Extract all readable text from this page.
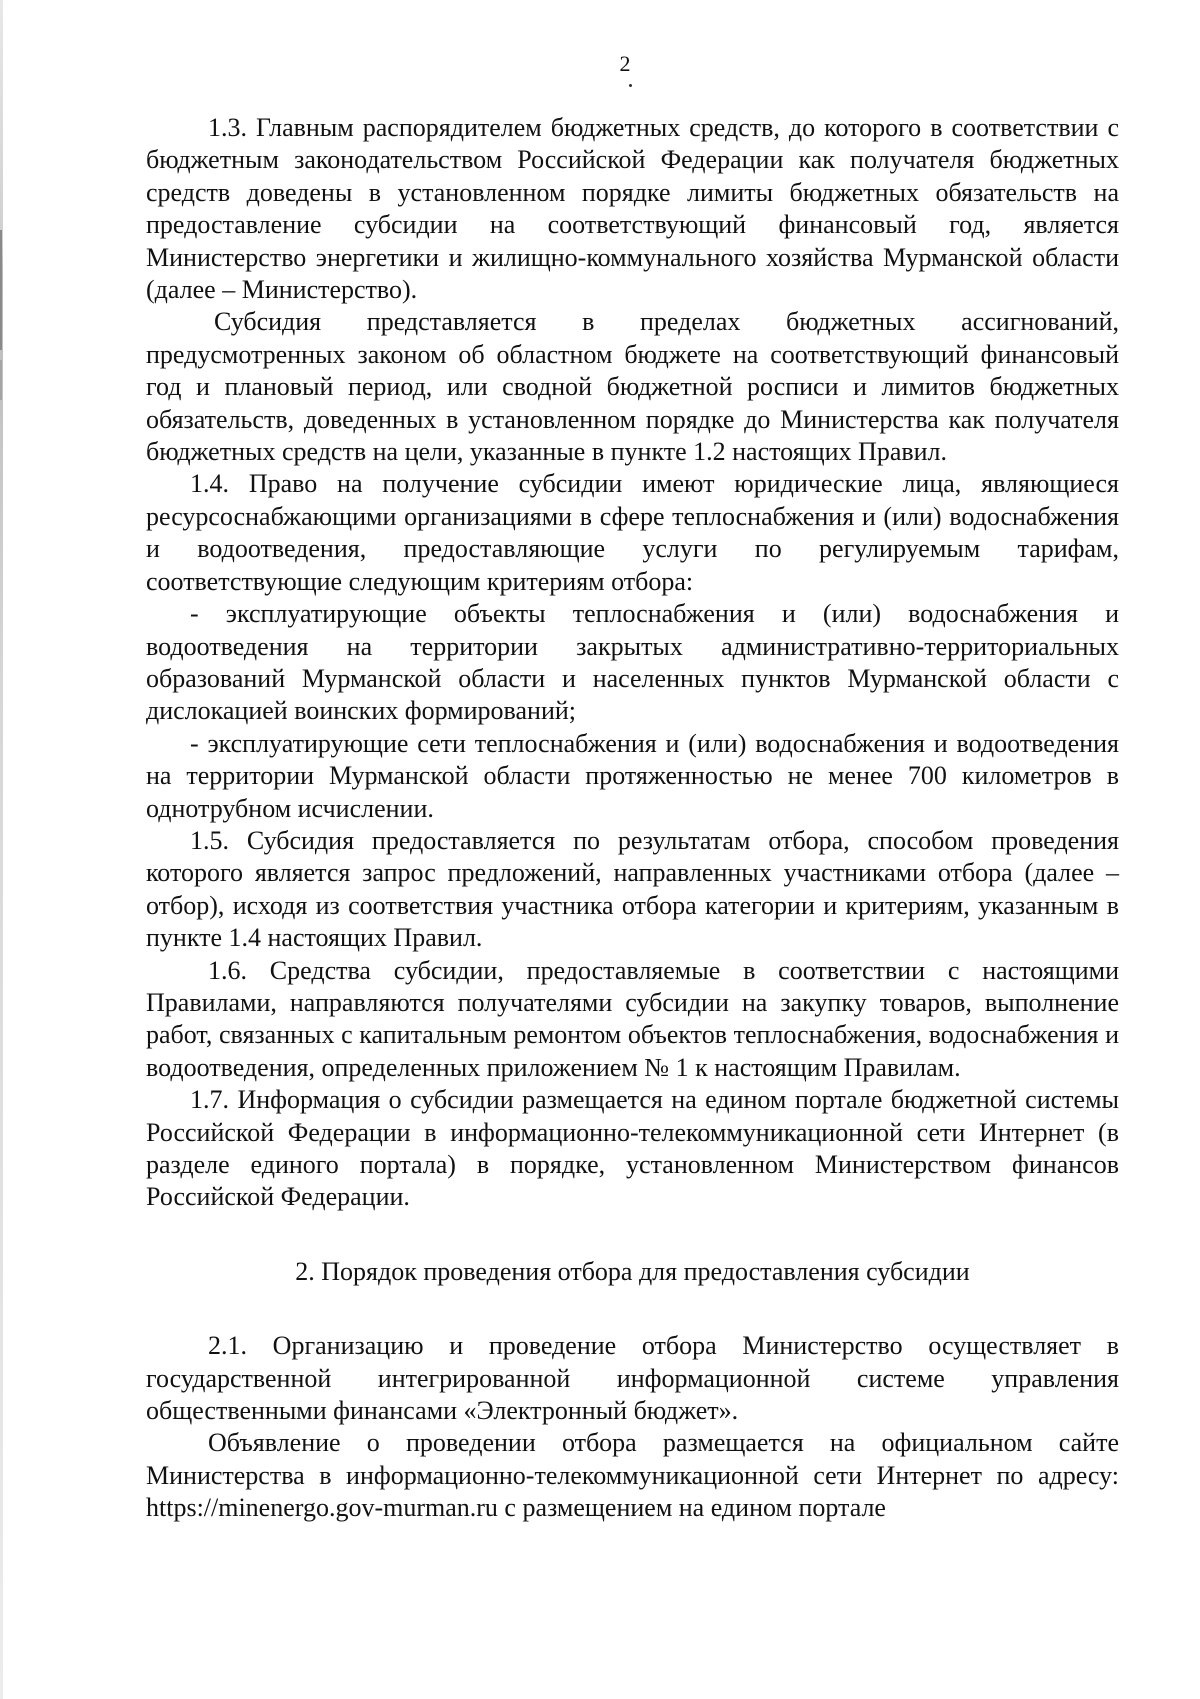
2

1.3. Главным распорядителем бюджетных средств, до которого в соответствии с бюджетным законодательством Российской Федерации как получателя бюджетных средств доведены в установленном порядке лимиты бюджетных обязательств на предоставление субсидии на соответствующий финансовый год, является Министерство энергетики и жилищно-коммунального хозяйства Мурманской области (далее – Министерство).

Субсидия представляется в пределах бюджетных ассигнований, предусмотренных законом об областном бюджете на соответствующий финансовый год и плановый период, или сводной бюджетной росписи и лимитов бюджетных обязательств, доведенных в установленном порядке до Министерства как получателя бюджетных средств на цели, указанные в пункте 1.2 настоящих Правил.

1.4. Право на получение субсидии имеют юридические лица, являющиеся ресурсоснабжающими организациями в сфере теплоснабжения и (или) водоснабжения и водоотведения, предоставляющие услуги по регулируемым тарифам, соответствующие следующим критериям отбора:

- эксплуатирующие объекты теплоснабжения и (или) водоснабжения и водоотведения на территории закрытых административно-территориальных образований Мурманской области и населенных пунктов Мурманской области с дислокацией воинских формирований;

- эксплуатирующие сети теплоснабжения и (или) водоснабжения и водоотведения на территории Мурманской области протяженностью не менее 700 километров в однотрубном исчислении.

1.5. Субсидия предоставляется по результатам отбора, способом проведения которого является запрос предложений, направленных участниками отбора (далее – отбор), исходя из соответствия участника отбора категории и критериям, указанным в пункте 1.4 настоящих Правил.

1.6. Средства субсидии, предоставляемые в соответствии с настоящими Правилами, направляются получателями субсидии на закупку товаров, выполнение работ, связанных с капитальным ремонтом объектов теплоснабжения, водоснабжения и водоотведения, определенных приложением № 1 к настоящим Правилам.

1.7. Информация о субсидии размещается на едином портале бюджетной системы Российской Федерации в информационно-телекоммуникационной сети Интернет (в разделе единого портала) в порядке, установленном Министерством финансов Российской Федерации.

2. Порядок проведения отбора для предоставления субсидии

2.1. Организацию и проведение отбора Министерство осуществляет в государственной интегрированной информационной системе управления общественными финансами «Электронный бюджет».

Объявление о проведении отбора размещается на официальном сайте Министерства в информационно-телекоммуникационной сети Интернет по адресу: https://minenergo.gov-murman.ru с размещением на едином портале
